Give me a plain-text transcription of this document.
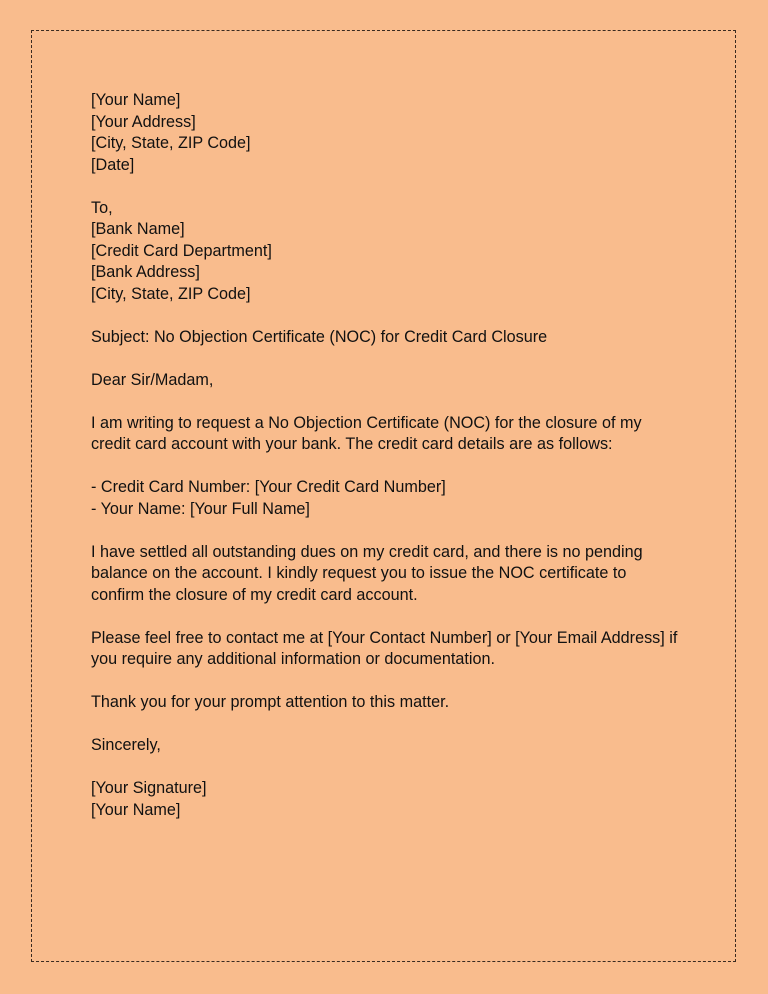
[Your Name]
[Your Address]
[City, State, ZIP Code]
[Date]
To,
[Bank Name]
[Credit Card Department]
[Bank Address]
[City, State, ZIP Code]
Subject: No Objection Certificate (NOC) for Credit Card Closure
Dear Sir/Madam,
I am writing to request a No Objection Certificate (NOC) for the closure of my
credit card account with your bank. The credit card details are as follows:
- Credit Card Number: [Your Credit Card Number]
- Your Name: [Your Full Name]
I have settled all outstanding dues on my credit card, and there is no pending
balance on the account. I kindly request you to issue the NOC certificate to
confirm the closure of my credit card account.
Please feel free to contact me at [Your Contact Number] or [Your Email Address] if
you require any additional information or documentation.
Thank you for your prompt attention to this matter.
Sincerely,
[Your Signature]
[Your Name]
